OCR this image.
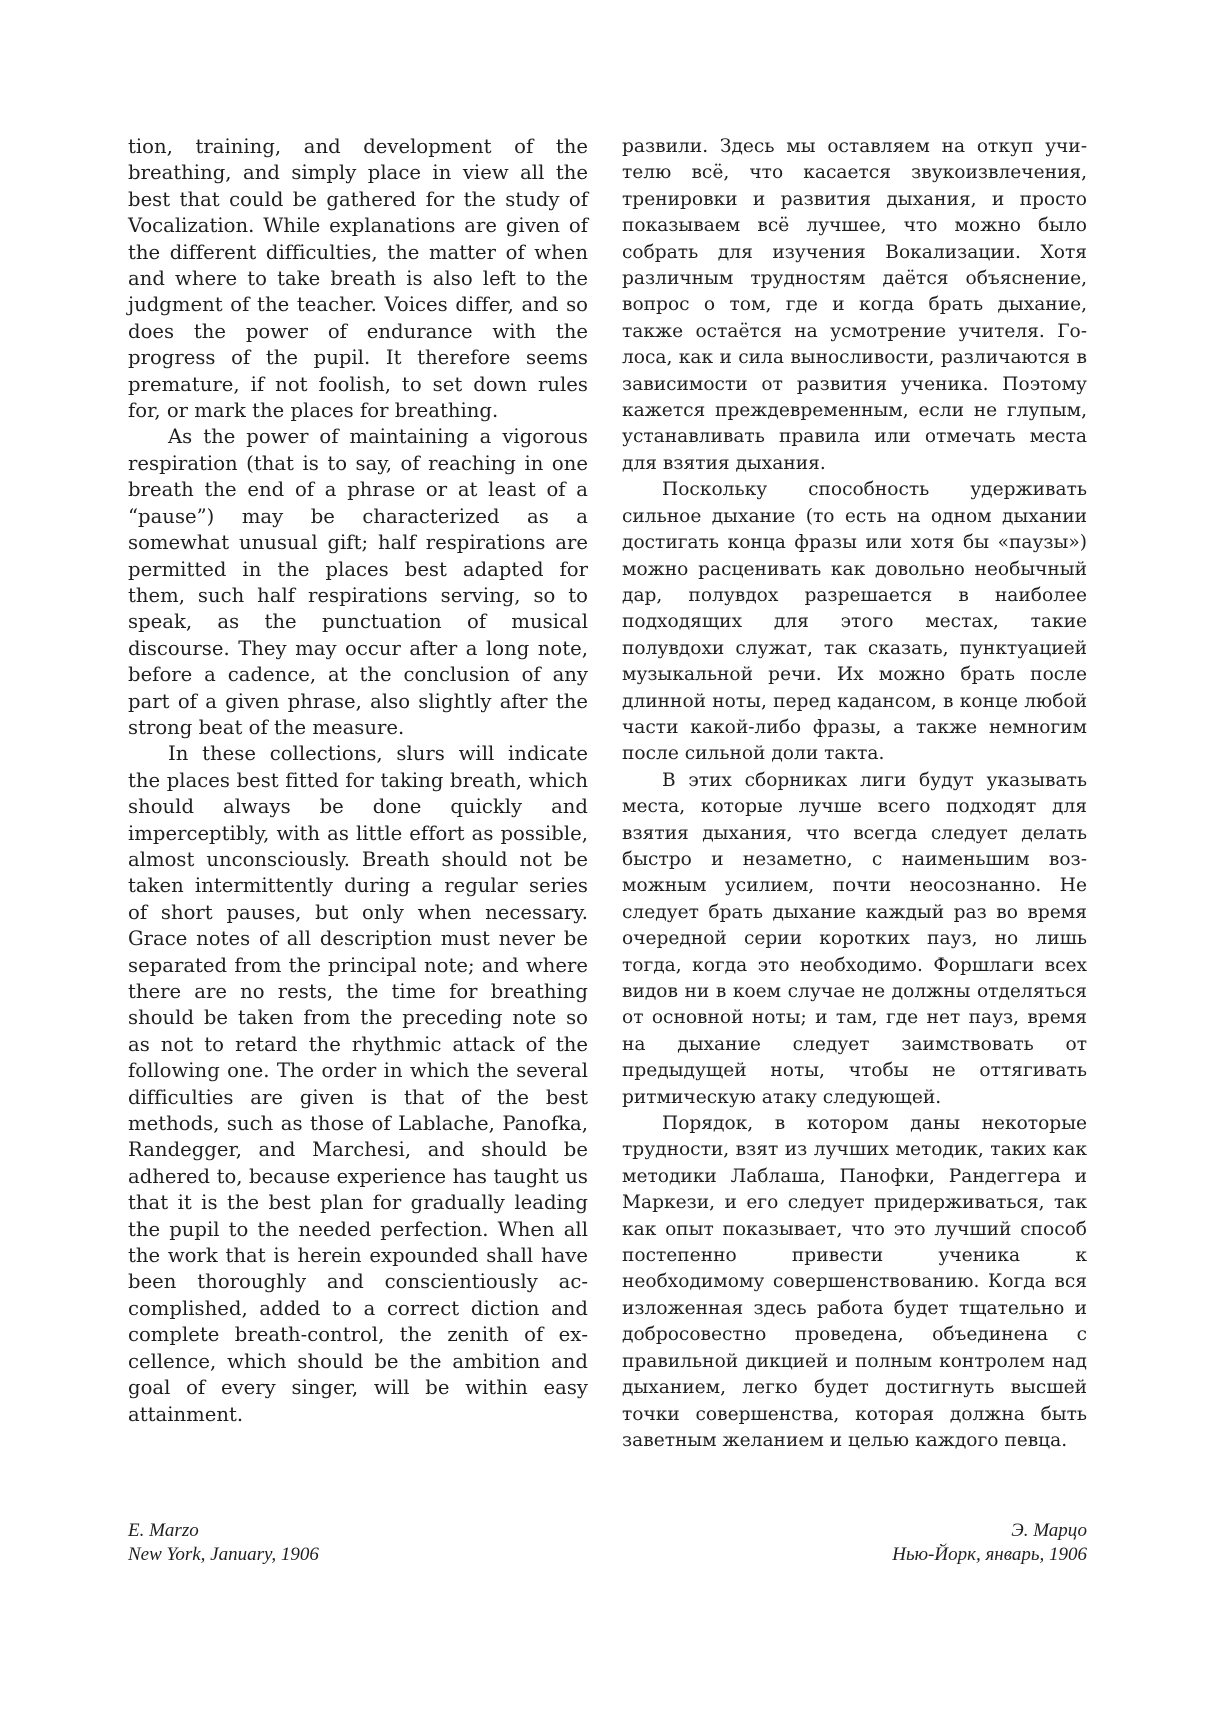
tion, training, and development of the breathing, and simply place in view all the best that could be gathered for the study of Vocalization. While explanations are given of the different difficulties, the matter of when and where to take breath is also left to the judgment of the teacher. Voices differ, and so does the power of endurance with the progress of the pupil. It therefore seems premature, if not foolish, to set down rules for, or mark the places for breathing.

As the power of maintaining a vigorous respiration (that is to say, of reaching in one breath the end of a phrase or at least of a “pause”) may be characterized as a somewhat unusual gift; half respirations are permitted in the places best adapted for them, such half respirations serving, so to speak, as the punctuation of musical discourse. They may occur after a long note, before a cadence, at the conclusion of any part of a given phrase, also slightly after the strong beat of the measure.

In these collections, slurs will indicate the places best fitted for taking breath, which should always be done quickly and imperceptibly, with as little effort as possible, almost unconsciously. Breath should not be taken intermittently during a regular series of short pauses, but only when necessary. Grace notes of all description must never be separated from the principal note; and where there are no rests, the time for breathing should be taken from the preceding note so as not to retard the rhythmic attack of the following one. The order in which the several difficulties are given is that of the best methods, such as those of Lablache, Panofka, Randegger, and Marchesi, and should be adhered to, because experience has taught us that it is the best plan for gradually leading the pupil to the needed perfection. When all the work that is herein expounded shall have been thoroughly and conscientiously accomplished, added to a correct diction and complete breath-control, the zenith of excellence, which should be the ambition and goal of every singer, will be within easy attainment.

развили. Здесь мы оставляем на откуп учителю всё, что касается звукоизвлечения, тренировки и развития дыхания, и просто показываем всё лучшее, что можно было собрать для изучения Вокализации. Хотя различным трудностям даётся объяснение, вопрос о том, где и когда брать дыхание, также остаётся на усмотрение учителя. Голоса, как и сила выносливости, различаются в зависимости от развития ученика. Поэтому кажется преждевременным, если не глупым, устанавливать правила или отмечать места для взятия дыхания.

Поскольку способность удерживать сильное дыхание (то есть на одном дыхании достигать конца фразы или хотя бы «паузы») можно расценивать как довольно необычный дар, полувдох разрешается в наиболее подходящих для этого местах, такие полувдохи служат, так сказать, пунктуацией музыкальной речи. Их можно брать после длинной ноты, перед кадансом, в конце любой части какой-либо фразы, а также немногим после сильной доли такта.

В этих сборниках лиги будут указывать места, которые лучше всего подходят для взятия дыхания, что всегда следует делать быстро и незаметно, с наименьшим возможным усилием, почти неосознанно. Не следует брать дыхание каждый раз во время очередной серии коротких пауз, но лишь тогда, когда это необходимо. Форшлаги всех видов ни в коем случае не должны отделяться от основной ноты; и там, где нет пауз, время на дыхание следует заимствовать от предыдущей ноты, чтобы не оттягивать ритмическую атаку следующей.

Порядок, в котором даны некоторые трудности, взят из лучших методик, таких как методики Лаблаша, Панофки, Рандеггера и Маркези, и его следует придерживаться, так как опыт показывает, что это лучший способ постепенно привести ученика к необходимому совершенствованию. Когда вся изложенная здесь работа будет тщательно и добросовестно проведена, объединена с правильной дикцией и полным контролем над дыханием, легко будет достигнуть высшей точки совершенства, которая должна быть заветным желанием и целью каждого певца.

E. Marzo
New York, January, 1906
Э. Марцо
Нью-Йорк, январь, 1906
